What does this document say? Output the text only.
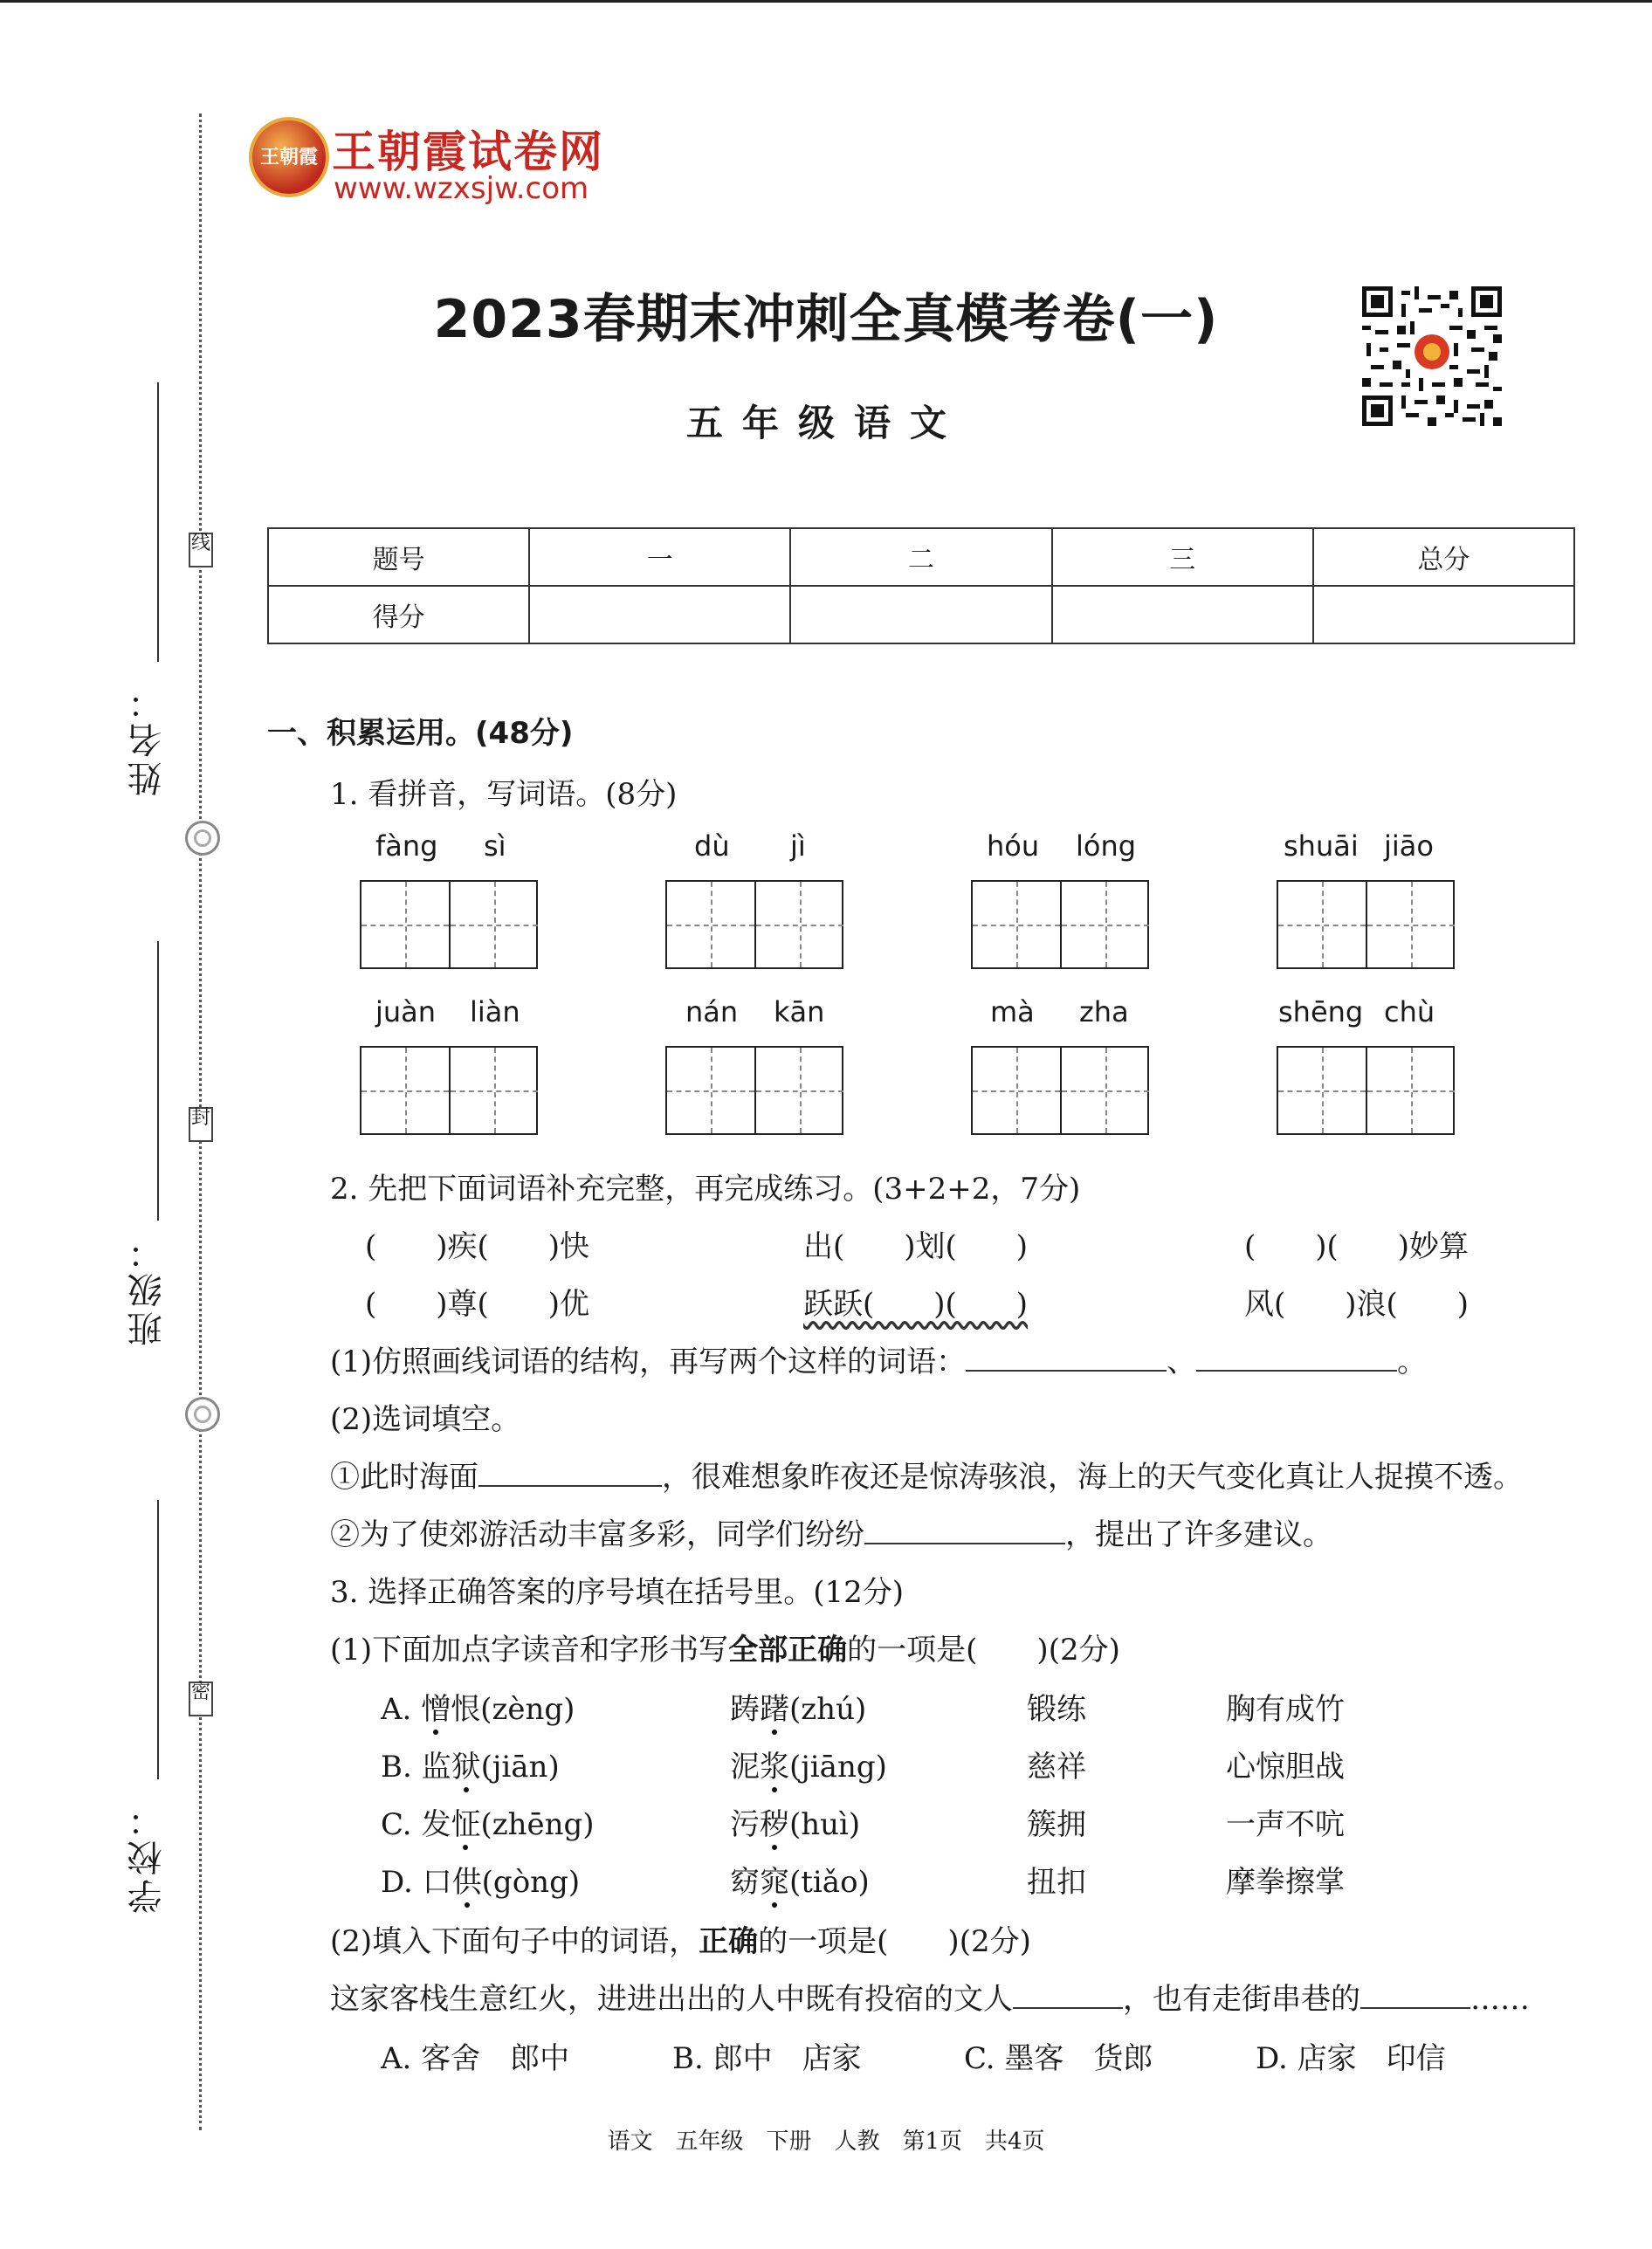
线
封
密
姓名：
班级：
学校：
王朝霞 王朝霞试卷网
www.wzxsjw.com
2023春期末冲刺全真模考卷(一)
五年级语文
题号	一	二	三	总分
得分				
一、积累运用。(48分)
1. 看拼音，写词语。(8分)
fàng sì	dù jì	hóu lóng	shuāi jiāo
juàn liàn	nán kān	mà zha	shēng chù
2. 先把下面词语补充完整，再完成练习。(3+2+2，7分)
(　　)疾(　　)快	出(　　)划(　　)	(　　)(　　)妙算
(　　)尊(　　)优	跃跃(　　)(　　)	风(　　)浪(　　)
(1)仿照画线词语的结构，再写两个这样的词语：	、	。
(2)选词填空。
①此时海面	，很难想象昨夜还是惊涛骇浪，海上的天气变化真让人捉摸不透。
②为了使郊游活动丰富多彩，同学们纷纷	，提出了许多建议。
3. 选择正确答案的序号填在括号里。(12分)
(1)下面加点字读音和字形书写全部正确的一项是(　　)(2分)
A. 憎恨(zèng)	踌躇(zhú)	锻练	胸有成竹
B. 监狱(jiān)	泥浆(jiāng)	慈祥	心惊胆战
C. 发怔(zhēng)	污秽(huì)	簇拥	一声不吭
D. 口供(gòng)	窈窕(tiǎo)	扭扣	摩拳擦掌
(2)填入下面句子中的词语，正确的一项是(　　)(2分)
这家客栈生意红火，进进出出的人中既有投宿的文人	，也有走街串巷的	……
A. 客舍　郎中	B. 郎中　店家	C. 墨客　货郎	D. 店家　印信
语文　五年级　下册　人教　第1页　共4页
